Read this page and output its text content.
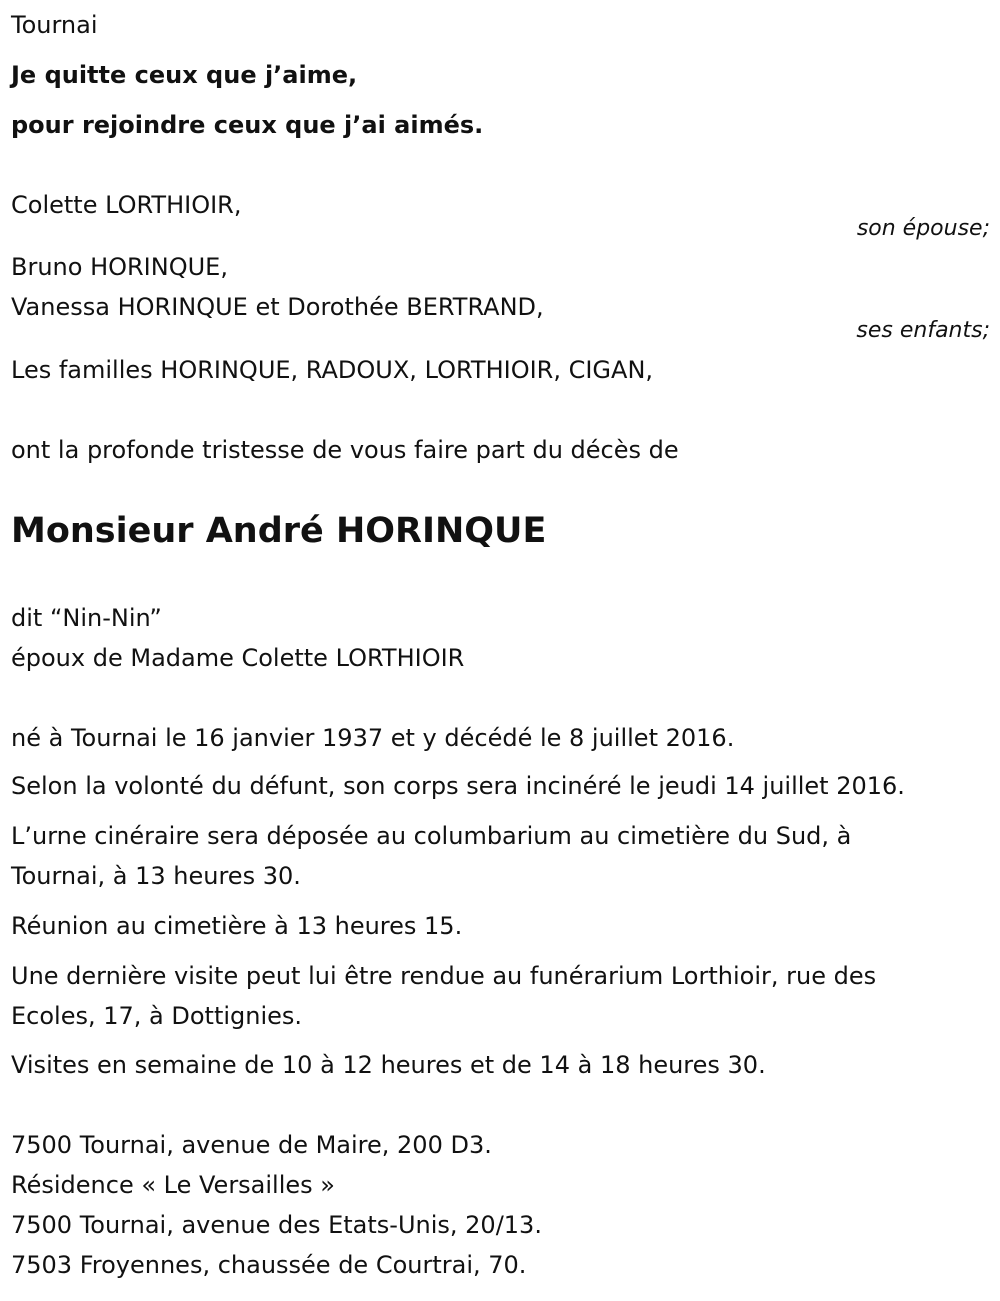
Tournai
Je quitte ceux que j’aime,
pour rejoindre ceux que j’ai aimés.
Colette LORTHIOIR,
son épouse;
Bruno HORINQUE,
Vanessa HORINQUE et Dorothée BERTRAND,
ses enfants;
Les familles HORINQUE, RADOUX, LORTHIOIR, CIGAN,
ont la profonde tristesse de vous faire part du décès de
Monsieur André HORINQUE
dit “Nin-Nin”
époux de Madame Colette LORTHIOIR
né à Tournai le 16 janvier 1937 et y décédé le 8 juillet 2016.
Selon la volonté du défunt, son corps sera incinéré le jeudi 14 juillet 2016.
L’urne cinéraire sera déposée au columbarium au cimetière du Sud, à
Tournai, à 13 heures 30.
Réunion au cimetière à 13 heures 15.
Une dernière visite peut lui être rendue au funérarium Lorthioir, rue des
Ecoles, 17, à Dottignies.
Visites en semaine de 10 à 12 heures et de 14 à 18 heures 30.
7500 Tournai, avenue de Maire, 200 D3.
Résidence « Le Versailles »
7500 Tournai, avenue des Etats-Unis, 20/13.
7503 Froyennes, chaussée de Courtrai, 70.
